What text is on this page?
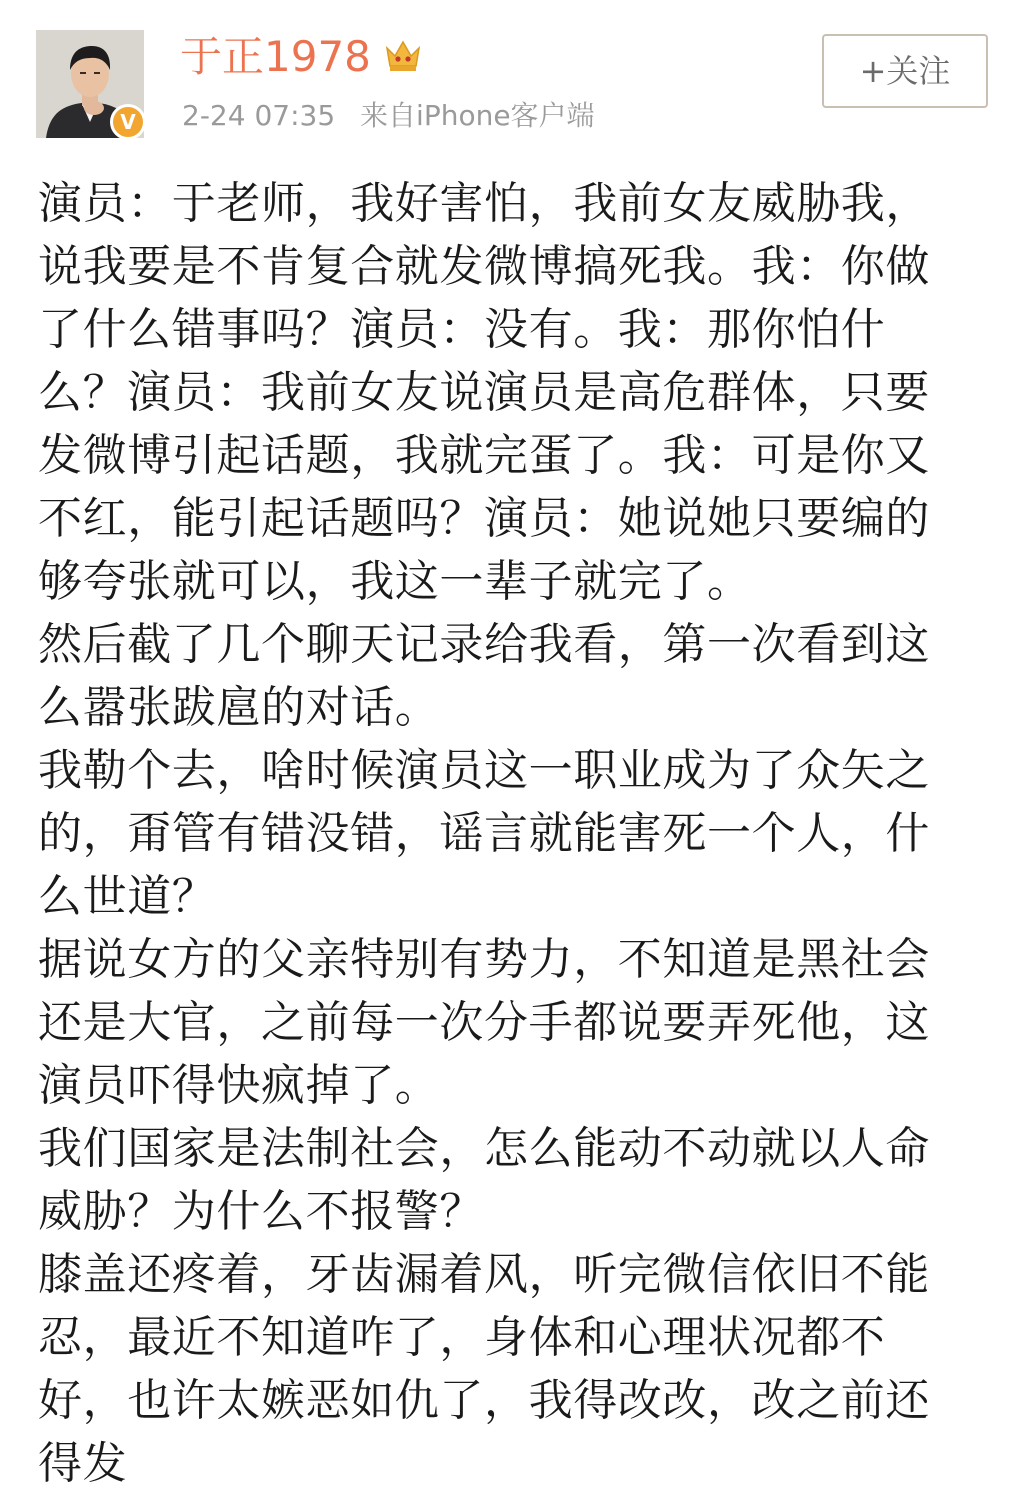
V
于正1978
2-24 07:35 来自iPhone客户端
+关注

演员：于老师，我好害怕，我前女友威胁我，说我要是不肯复合就发微博搞死我。我：你做了什么错事吗？演员：没有。我：那你怕什么？演员：我前女友说演员是高危群体，只要发微博引起话题，我就完蛋了。我：可是你又不红，能引起话题吗？演员：她说她只要编的够夸张就可以，我这一辈子就完了。

然后截了几个聊天记录给我看，第一次看到这么嚣张跋扈的对话。

我勒个去，啥时候演员这一职业成为了众矢之的，甭管有错没错，谣言就能害死一个人，什么世道？

据说女方的父亲特别有势力，不知道是黑社会还是大官，之前每一次分手都说要弄死他，这演员吓得快疯掉了。

我们国家是法制社会，怎么能动不动就以人命威胁？为什么不报警？

膝盖还疼着，牙齿漏着风，听完微信依旧不能忍，最近不知道咋了，身体和心理状况都不好，也许太嫉恶如仇了，我得改改，改之前还得发
